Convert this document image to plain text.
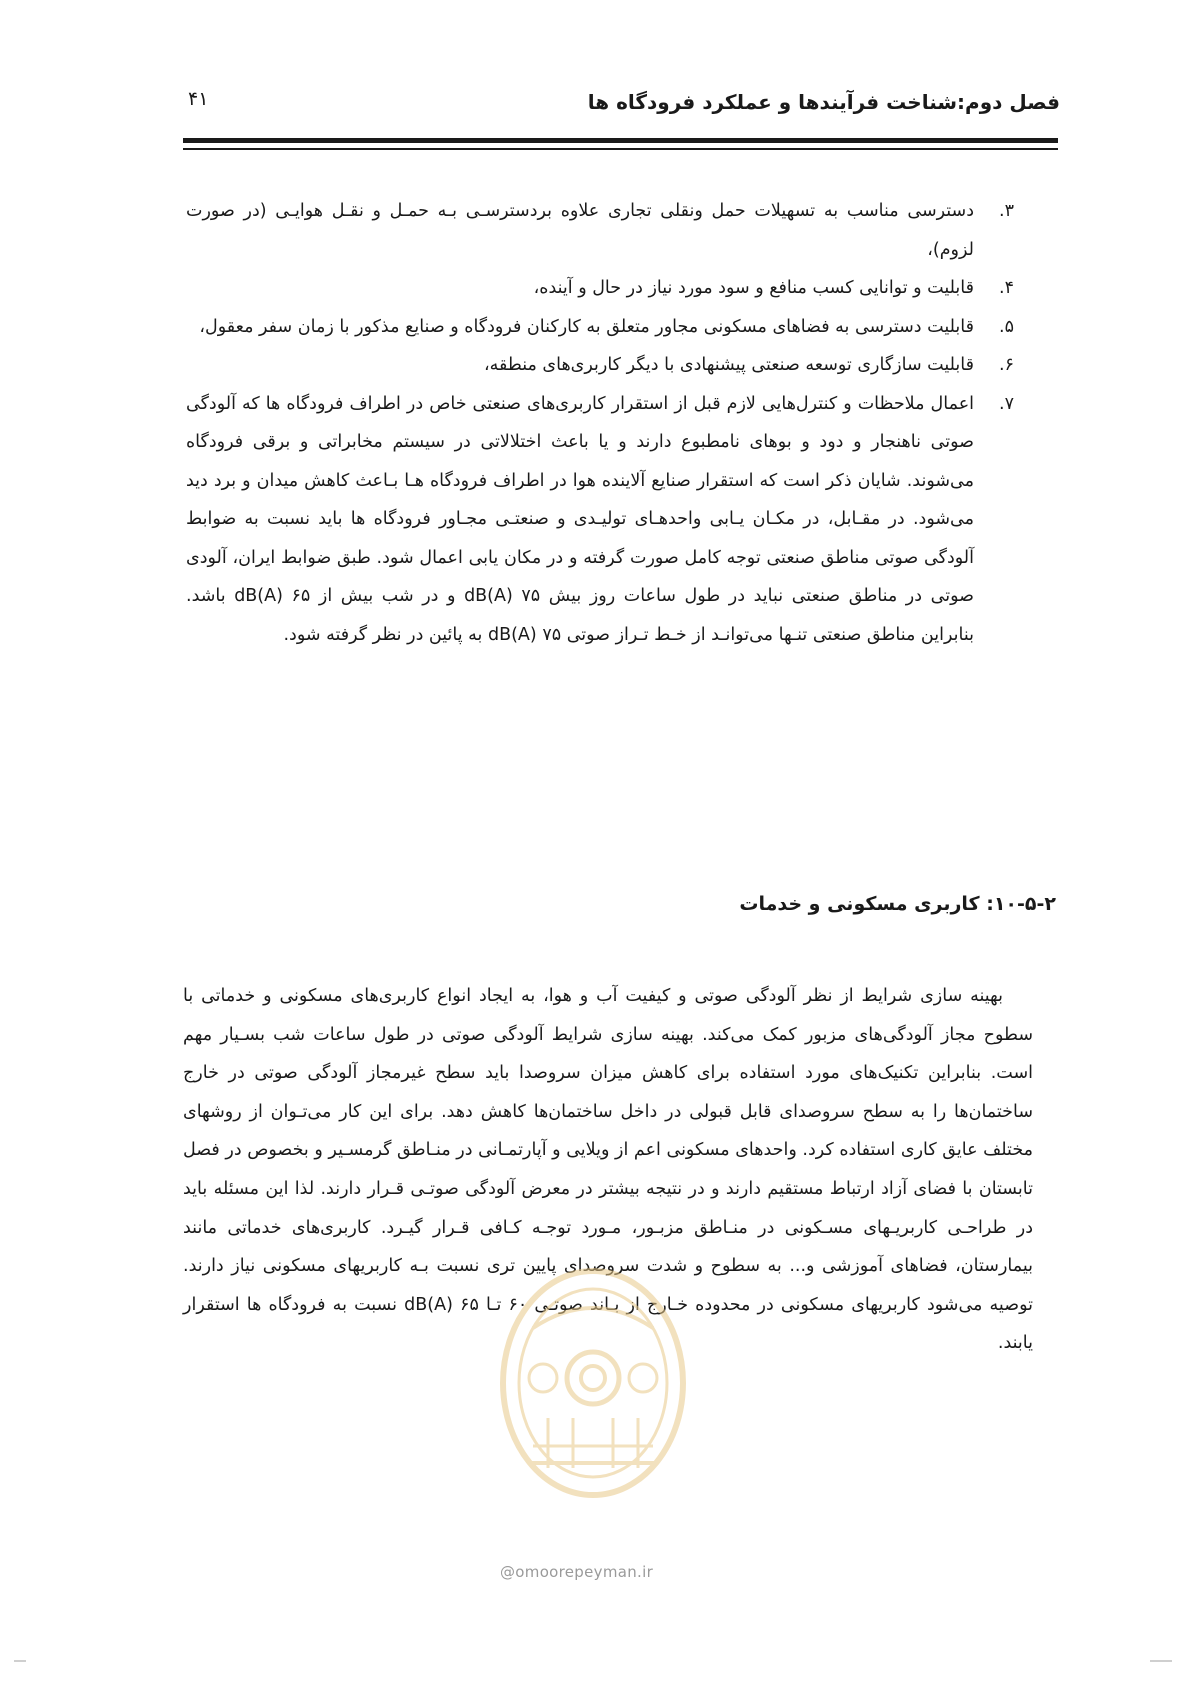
۴۱	فصل دوم:شناخت فرآیندها و عملکرد فرودگاه ها
۳.
دسترسی مناسب به تسهیلات حمل ونقلی تجاری علاوه بردسترسـی بـه حمـل و نقـل هوایـی (در صورت لزوم)،
۴.
قابلیت و توانایی کسب منافع و سود مورد نیاز در حال و آینده،
۵.
قابلیت دسترسی به فضاهای مسکونی مجاور متعلق به کارکنان فرودگاه و صنایع مذکور با زمان سفر معقول،
۶.
قابلیت سازگاری توسعه صنعتی پیشنهادی با دیگر کاربری‌های منطقه،
۷.
اعمال ملاحظات و کنترل‌هایی لازم قبل از استقرار کاربری‌های صنعتی خاص در اطراف فرودگاه ها که آلودگی صوتی ناهنجار و دود و بوهای نامطبوع دارند و یا باعث اختلالاتی در سیستم مخابراتی و برقی فرودگاه می‌شوند. شایان ذکر است که استقرار صنایع آلاینده هوا در اطراف فرودگاه هـا بـاعث کاهش میدان و برد دید می‌شود. در مقـابل، در مکـان یـابی واحدهـای تولیـدی و صنعتـی مجـاور فرودگاه ها باید نسبت به ضوابط آلودگی صوتی مناطق صنعتی توجه کامل صورت گرفته و در مکان یابی اعمال شود. طبق ضوابط ایران، آلودی صوتی در مناطق صنعتی نباید در طول ساعات روز بیش ۷۵ dB(A) و در شب بیش از ۶۵ dB(A) باشد. بنابراین مناطق صنعتی تنـها می‌توانـد از خـط تـراز صوتی ۷۵ dB(A) به پائین در نظر گرفته شود.
۱۰-۵-۲: کاربری مسکونی و خدمات

بهینه سازی شرایط از نظر آلودگی صوتی و کیفیت آب و هوا، به ایجاد انواع کاربری‌های مسکونی و خدماتی با سطوح مجاز آلودگی‌های مزبور کمک می‌کند. بهینه سازی شرایط آلودگی صوتی در طول ساعات شب بسـیار مهم است. بنابراین تکنیک‌های مورد استفاده برای کاهش میزان سروصدا باید سطح غیرمجاز آلودگی صوتی در خارج ساختمان‌ها را به سطح سروصدای قابل قبولی در داخل ساختمان‌ها کاهش دهد. برای این کار می‌تـوان از روشهای مختلف عایق کاری استفاده کرد. واحدهای مسکونی اعم از ویلایی و آپارتمـانی در منـاطق گرمسـیر و بخصوص در فصل تابستان با فضای آزاد ارتباط مستقیم دارند و در نتیجه بیشتر در معرض آلودگی صوتـی قـرار دارند. لذا این مسئله باید در طراحـی کاربریـهای مسـکونی در منـاطق مزبـور، مـورد توجـه کـافی قـرار گیـرد. کاربری‌های خدماتی مانند بیمارستان، فضاهای آموزشی و... به سطوح و شدت سروصدای پایین تری نسبت بـه کاربریهای مسکونی نیاز دارند. توصیه می‌شود کاربریهای مسکونی در محدوده خـارج از بـاند صوتـی ۶۰ تـا ۶۵ dB(A) نسبت به فرودگاه ها استقرار یابند.

@omoorepeyman.ir
